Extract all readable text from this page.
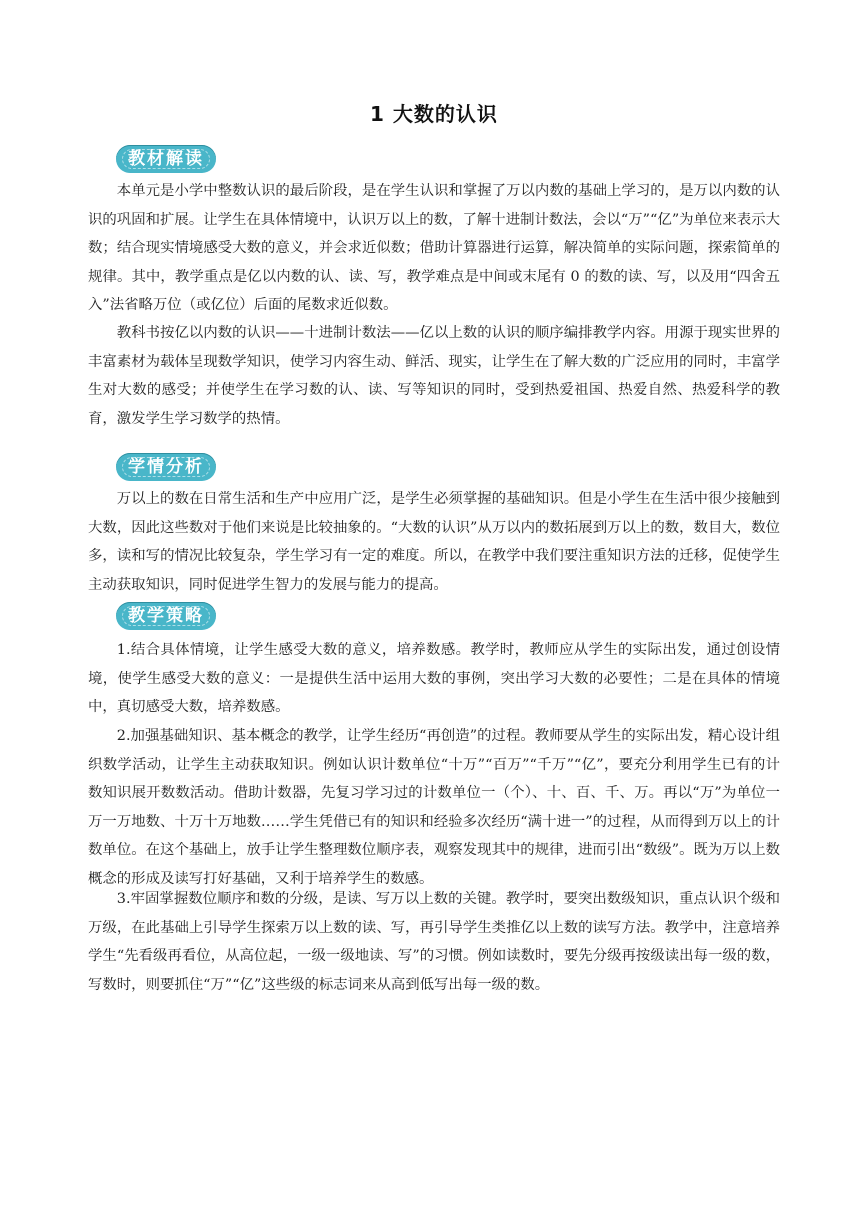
1 大数的认识
教材解读

本单元是小学中整数认识的最后阶段，是在学生认识和掌握了万以内数的基础上学习的，是万以内数的认识的巩固和扩展。让学生在具体情境中，认识万以上的数，了解十进制计数法，会以“万”“亿”为单位来表示大数；结合现实情境感受大数的意义，并会求近似数；借助计算器进行运算，解决简单的实际问题，探索简单的规律。其中，教学重点是亿以内数的认、读、写，教学难点是中间或末尾有 0 的数的读、写，以及用“四舍五入”法省略万位（或亿位）后面的尾数求近似数。

教科书按亿以内数的认识——十进制计数法——亿以上数的认识的顺序编排教学内容。用源于现实世界的丰富素材为载体呈现数学知识，使学习内容生动、鲜活、现实，让学生在了解大数的广泛应用的同时，丰富学生对大数的感受；并使学生在学习数的认、读、写等知识的同时，受到热爱祖国、热爱自然、热爱科学的教育，激发学生学习数学的热情。

学情分析

万以上的数在日常生活和生产中应用广泛，是学生必须掌握的基础知识。但是小学生在生活中很少接触到大数，因此这些数对于他们来说是比较抽象的。“大数的认识”从万以内的数拓展到万以上的数，数目大，数位多，读和写的情况比较复杂，学生学习有一定的难度。所以，在教学中我们要注重知识方法的迁移，促使学生主动获取知识，同时促进学生智力的发展与能力的提高。

教学策略

1.结合具体情境，让学生感受大数的意义，培养数感。教学时，教师应从学生的实际出发，通过创设情境，使学生感受大数的意义：一是提供生活中运用大数的事例，突出学习大数的必要性；二是在具体的情境中，真切感受大数，培养数感。

2.加强基础知识、基本概念的教学，让学生经历“再创造”的过程。教师要从学生的实际出发，精心设计组织数学活动，让学生主动获取知识。例如认识计数单位“十万”“百万”“千万”“亿”，要充分利用学生已有的计数知识展开数数活动。借助计数器，先复习学习过的计数单位一（个）、十、百、千、万。再以“万”为单位一万一万地数、十万十万地数……学生凭借已有的知识和经验多次经历“满十进一”的过程，从而得到万以上的计数单位。在这个基础上，放手让学生整理数位顺序表，观察发现其中的规律，进而引出“数级”。既为万以上数概念的形成及读写打好基础，又利于培养学生的数感。

3.牢固掌握数位顺序和数的分级，是读、写万以上数的关键。教学时，要突出数级知识，重点认识个级和万级，在此基础上引导学生探索万以上数的读、写，再引导学生类推亿以上数的读写方法。教学中，注意培养学生“先看级再看位，从高位起，一级一级地读、写”的习惯。例如读数时，要先分级再按级读出每一级的数，写数时，则要抓住“万”“亿”这些级的标志词来从高到低写出每一级的数。
